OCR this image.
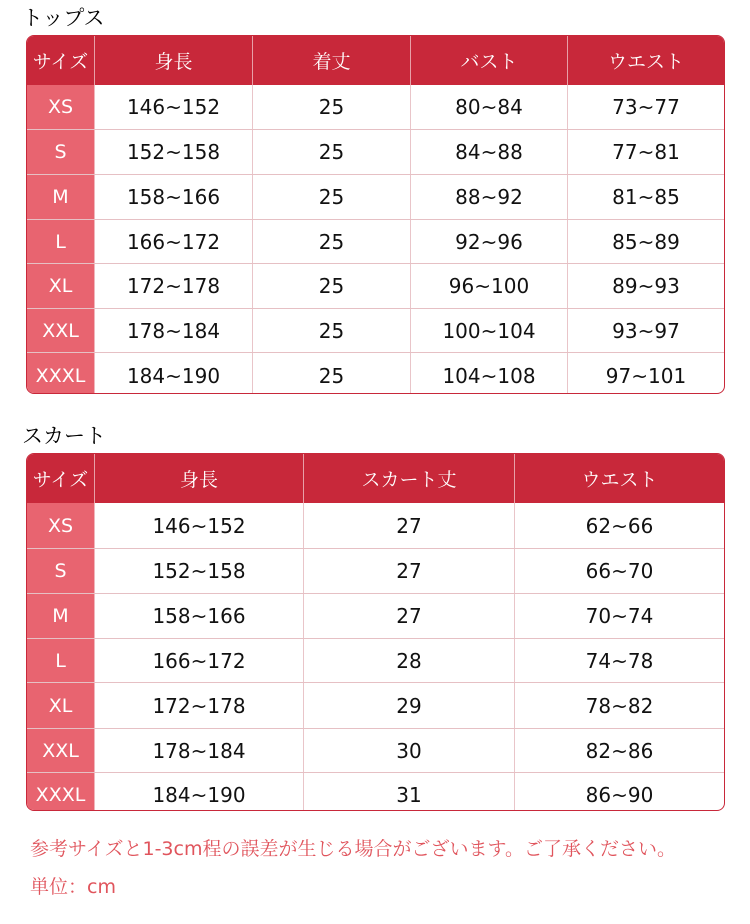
トップス
サイズ	身長	着丈	バスト	ウエスト
XS	146~152	25	80~84	73~77
S	152~158	25	84~88	77~81
M	158~166	25	88~92	81~85
L	166~172	25	92~96	85~89
XL	172~178	25	96~100	89~93
XXL	178~184	25	100~104	93~97
XXXL	184~190	25	104~108	97~101
スカート
サイズ	身長	スカート丈	ウエスト
XS	146~152	27	62~66
S	152~158	27	66~70
M	158~166	27	70~74
L	166~172	28	74~78
XL	172~178	29	78~82
XXL	178~184	30	82~86
XXXL	184~190	31	86~90
参考サイズと1-3cm程の誤差が生じる場合がございます。ご了承ください。
単位：cm
